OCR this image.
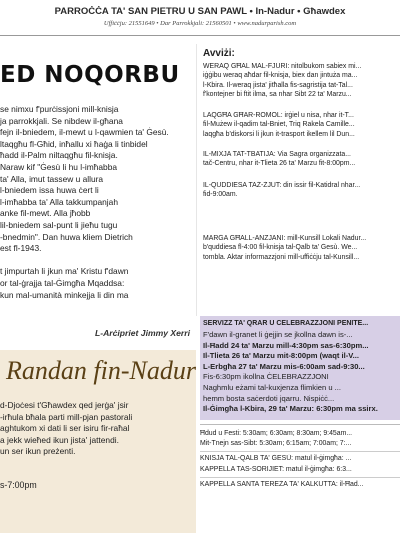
PARROĊĊA TA' SAN PIETRU U SAN PAWL • In-Nadur • Għawdex
Uffiċċju: 21551649 • Dar Parrokkjali: 21560501 • www.nadurparish.com
ED NOQORBU
se nimxu f'purċissjoni mill-knisja
ja parrokkjali. Se nibdew il-għana
fejn il-bniedem, il-mewt u l-qawmien ta' Ġesù.
ltaqgħu fl-Għid, inħallu xi ħaġa li tinbidel
ħadd il-Palm niltaqgħu fil-knisja.
Naraw kif "Ġesù li hu l-imħabba
ta' Alla, imut tassew u allura
l-bniedem issa huwa ċert li
l-imħabba ta' Alla takkumpanjah
anke fil-mewt. Alla jħobb
lil-bniedem sal-punt li jieħu tugu
-bnedmin". Dan huwa kliem Dietrich
est fl-1943.

t jimpurtah li jkun ma' Kristu f'dawn
or tal-ġrajja tal-Ġimgħa Mqaddsa:
kun mal-umanità minkejja li din ma
L-Arċipriet Jimmy Xerri
Randan fin-Nadur
d-Djoċesi t'Għawdex qed jerġa' jsir
-irħula bħala parti mill-pjan pastorali
aghtukom xi dati li ser isiru fir-raħal
a jekk wieħed ikun jista' jattendi.
un ser ikun preżenti.
s-7:00pm
Avviżi:
WERAQ GĦAL MAL-FJURI: nitolbukom sabiex mi...
iġġibu weraq aħdar fil-knisja, biex dan jintuża ma...
l-Kbira. Il-weraq jista' jitħalla fis-sagristija tat-Tal...
f'kontejner bi ftit ilma, sa nhar Sibt 22 ta' Marzu...
LAQGĦA GĦAR-ROMOL: irġiel u nisa, nhar it-T...
fil-Mużew il-qadim tal-Bniet, Triq Rakela Camille...
laqgħa b'diskorsi li jkun it-trasport ikellem lil Dun...
IL-MIXJA TAT-TBATIJA: Via Sagra organizzata...
tač-Ċentru, nhar it-Tlieta 26 ta' Marzu fit-8:00pm...
IL-QUDDIESA TAŻ-ŻJUT: din issir fil-Katidral nhar...
fid-9:00am.
MARĠA GĦALL-ANZJANI: mill-Kunsill Lokali Nadur...
b'quddiesa fl-4:00 fil-knisja tal-Qalb ta' Ġesù. We...
tombla. Aktar informazzjoni mill-uffiċċju tal-Kunsill...
SERVIZZ TA' QRAR U ĊELEBRAZZJONI PENITE...
F'dawn il-granet li ġejjin se jkollna dawn is-...
Il-Ħadd 24 ta' Marzu mill-4:30pm sas-6:30pm...
Il-Tlieta 26 ta' Marzu mit-8:00pm (waqt il-V...
L-Erbgħa 27 ta' Marzu mis-6:00am sad-9:30...
Fis-6:30pm ikollna ĊELEBRAZZJONI
Naghmlu eżami tal-kuxjenza flimkien u ...
hemm bosta saċerdoti jqarru. Nispiċċ...
Il-Ġimgħa l-Kbira, 29 ta' Marzu: 6:30pm ma ssirx.
Ħdud u Festi: 5:30am; 6:30am; 8:30am; 9:45am...
Mit-Tnejn sas-Sibt: 5:30am; 6:15am; 7:00am; 7:...
KNISJA TAL-QALB TA' ĠESÙ: matul il-ġimgħa: ...
KAPPELLA TAS-SORIJIET: matul il-ġimgħa: 6:3...
KAPPELLA SANTA TEREŻA TA' KALKUTTA: il-Ħad...
